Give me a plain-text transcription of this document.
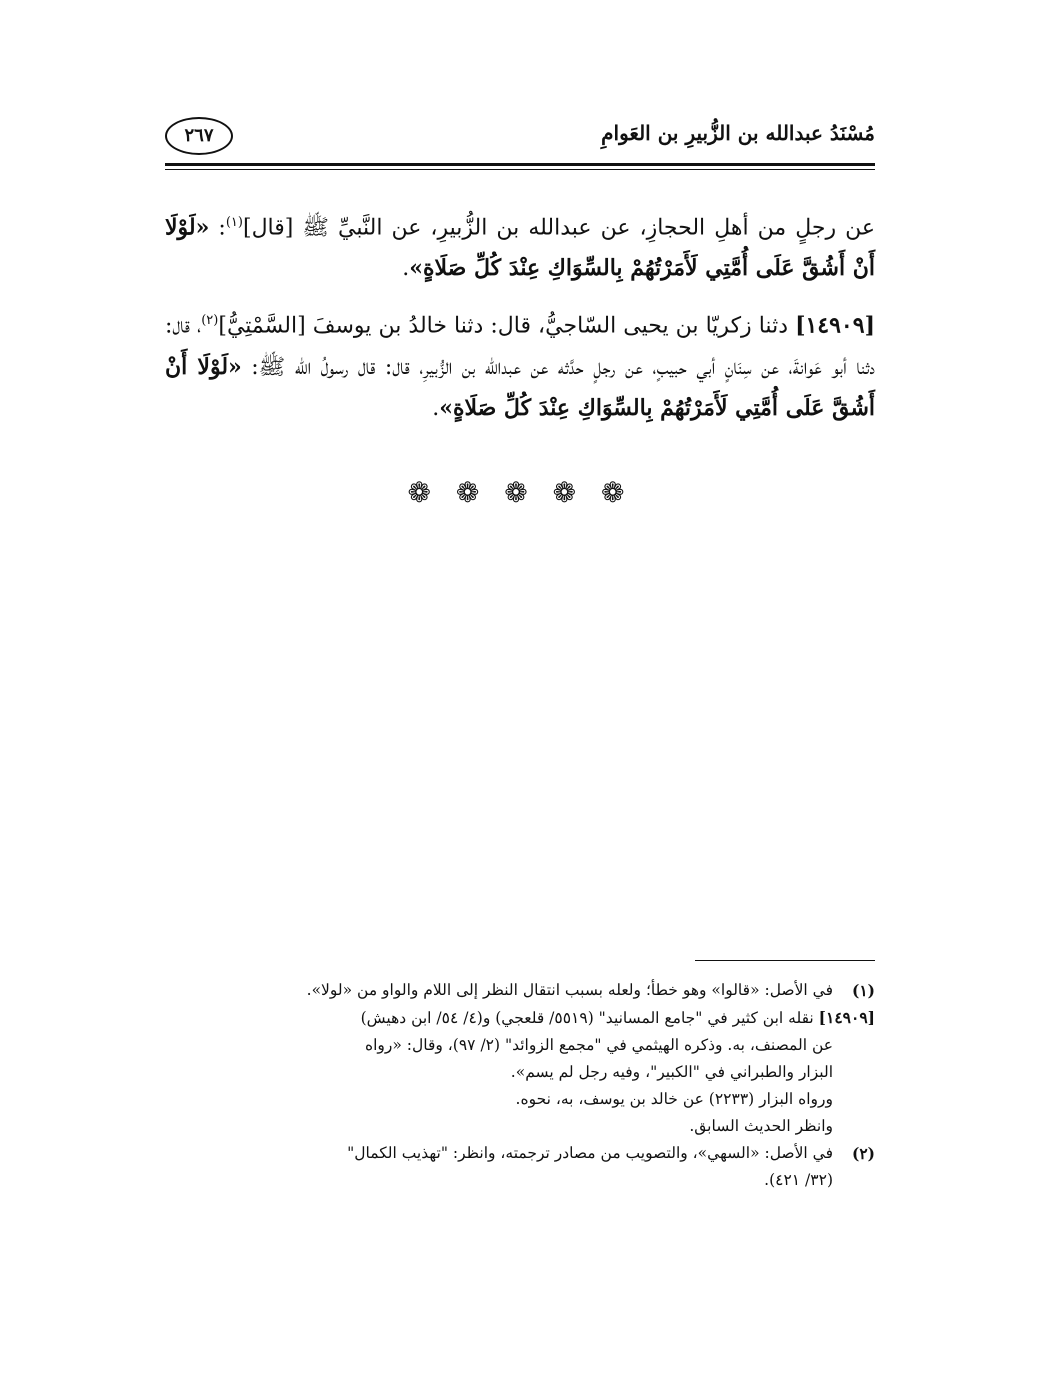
مُسْنَدُ عبدالله بن الزُّبيرِ بن العَوامِ
٢٦٧

عن رجلٍ من أهلِ الحجازِ، عن عبدالله بن الزُّبيرِ، عن النَّبيِّ ﷺ [قال]$^{(١)}$: «لَوْلَا أَنْ أَشُقَّ عَلَى أُمَّتِي لَأَمَرْتُهُمْ بِالسِّوَاكِ عِنْدَ كُلِّ صَلَاةٍ».

[١٤٩٠٩] دثنا زكريّا بن يحيى السّاجيُّ، قال: دثنا خالدُ بن يوسفَ [السَّمْتِيُّ]$^{(٢)}$، قال: دثنا أبو عَوانةَ، عن سِنَانٍ أبي حبيبٍ، عن رجلٍ حدَّثه عن عبدالله بن الزُّبيرِ، قال: قال رسولُ الله ﷺ: «لَوْلَا أَنْ أَشُقَّ عَلَى أُمَّتِي لَأَمَرْتُهُمْ بِالسِّوَاكِ عِنْدَ كُلِّ صَلَاةٍ».

❁ ❁ ❁ ❁ ❁
(١)
في الأصل: «قالوا» وهو خطأ؛ ولعله بسبب انتقال النظر إلى اللام والواو من «لولا».
[١٤٩٠٩] نقله ابن كثير في "جامع المسانيد" (٥٥١٩/ قلعجي) و(٤/ ٥٤/ ابن دهيش)
عن المصنف، به. وذكره الهيثمي في "مجمع الزوائد" (٢/ ٩٧)، وقال: «رواه
البزار والطبراني في "الكبير"، وفيه رجل لم يسم».
ورواه البزار (٢٢٣٣) عن خالد بن يوسف، به، نحوه.
وانظر الحديث السابق.
(٢)
في الأصل: «السهي»، والتصويب من مصادر ترجمته، وانظر: "تهذيب الكمال"
(٣٢/ ٤٢١).
